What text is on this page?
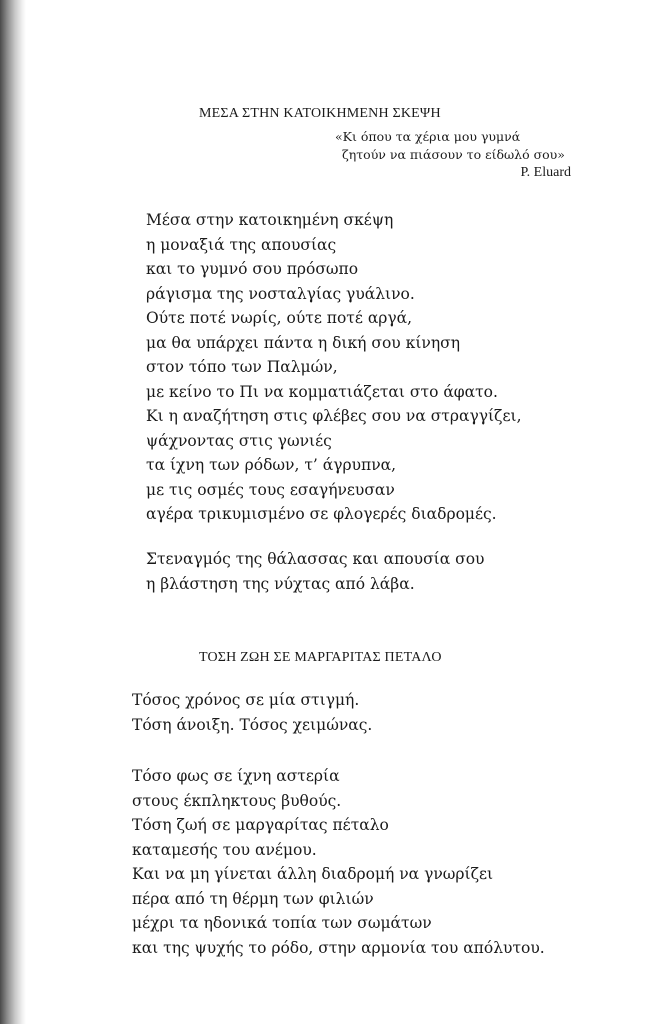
ΜΕΣΑ ΣΤΗΝ ΚΑΤΟΙΚΗΜΕΝΗ ΣΚΕΨΗ
«Κι όπου τα χέρια μου γυμνά
ζητούν να πιάσουν το είδωλό σου»
P. Eluard
Μέσα στην κατοικημένη σκέψη
η μοναξιά της απουσίας
και το γυμνό σου πρόσωπο
ράγισμα της νοσταλγίας γυάλινο.
Ούτε ποτέ νωρίς, ούτε ποτέ αργά,
μα θα υπάρχει πάντα η δική σου κίνηση
στον τόπο των Παλμών,
με κείνο το Πι να κομματιάζεται στο άφατο.
Κι η αναζήτηση στις φλέβες σου να στραγγίζει,
ψάχνοντας στις γωνιές
τα ίχνη των ρόδων, τ’ άγρυπνα,
με τις οσμές τους εσαγήνευσαν
αγέρα τρικυμισμένο σε φλογερές διαδρομές.
Στεναγμός της θάλασσας και απουσία σου
η βλάστηση της νύχτας από λάβα.
ΤΟΣΗ ΖΩΗ ΣΕ ΜΑΡΓΑΡΙΤΑΣ ΠΕΤΑΛΟ
Τόσος χρόνος σε μία στιγμή.
Τόση άνοιξη. Τόσος χειμώνας.
Τόσο φως σε ίχνη αστερία
στους έκπληκτους βυθούς.
Τόση ζωή σε μαργαρίτας πέταλο
καταμεσής του ανέμου.
Και να μη γίνεται άλλη διαδρομή να γνωρίζει
πέρα από τη θέρμη των φιλιών
μέχρι τα ηδονικά τοπία των σωμάτων
και της ψυχής το ρόδο, στην αρμονία του απόλυτου.
